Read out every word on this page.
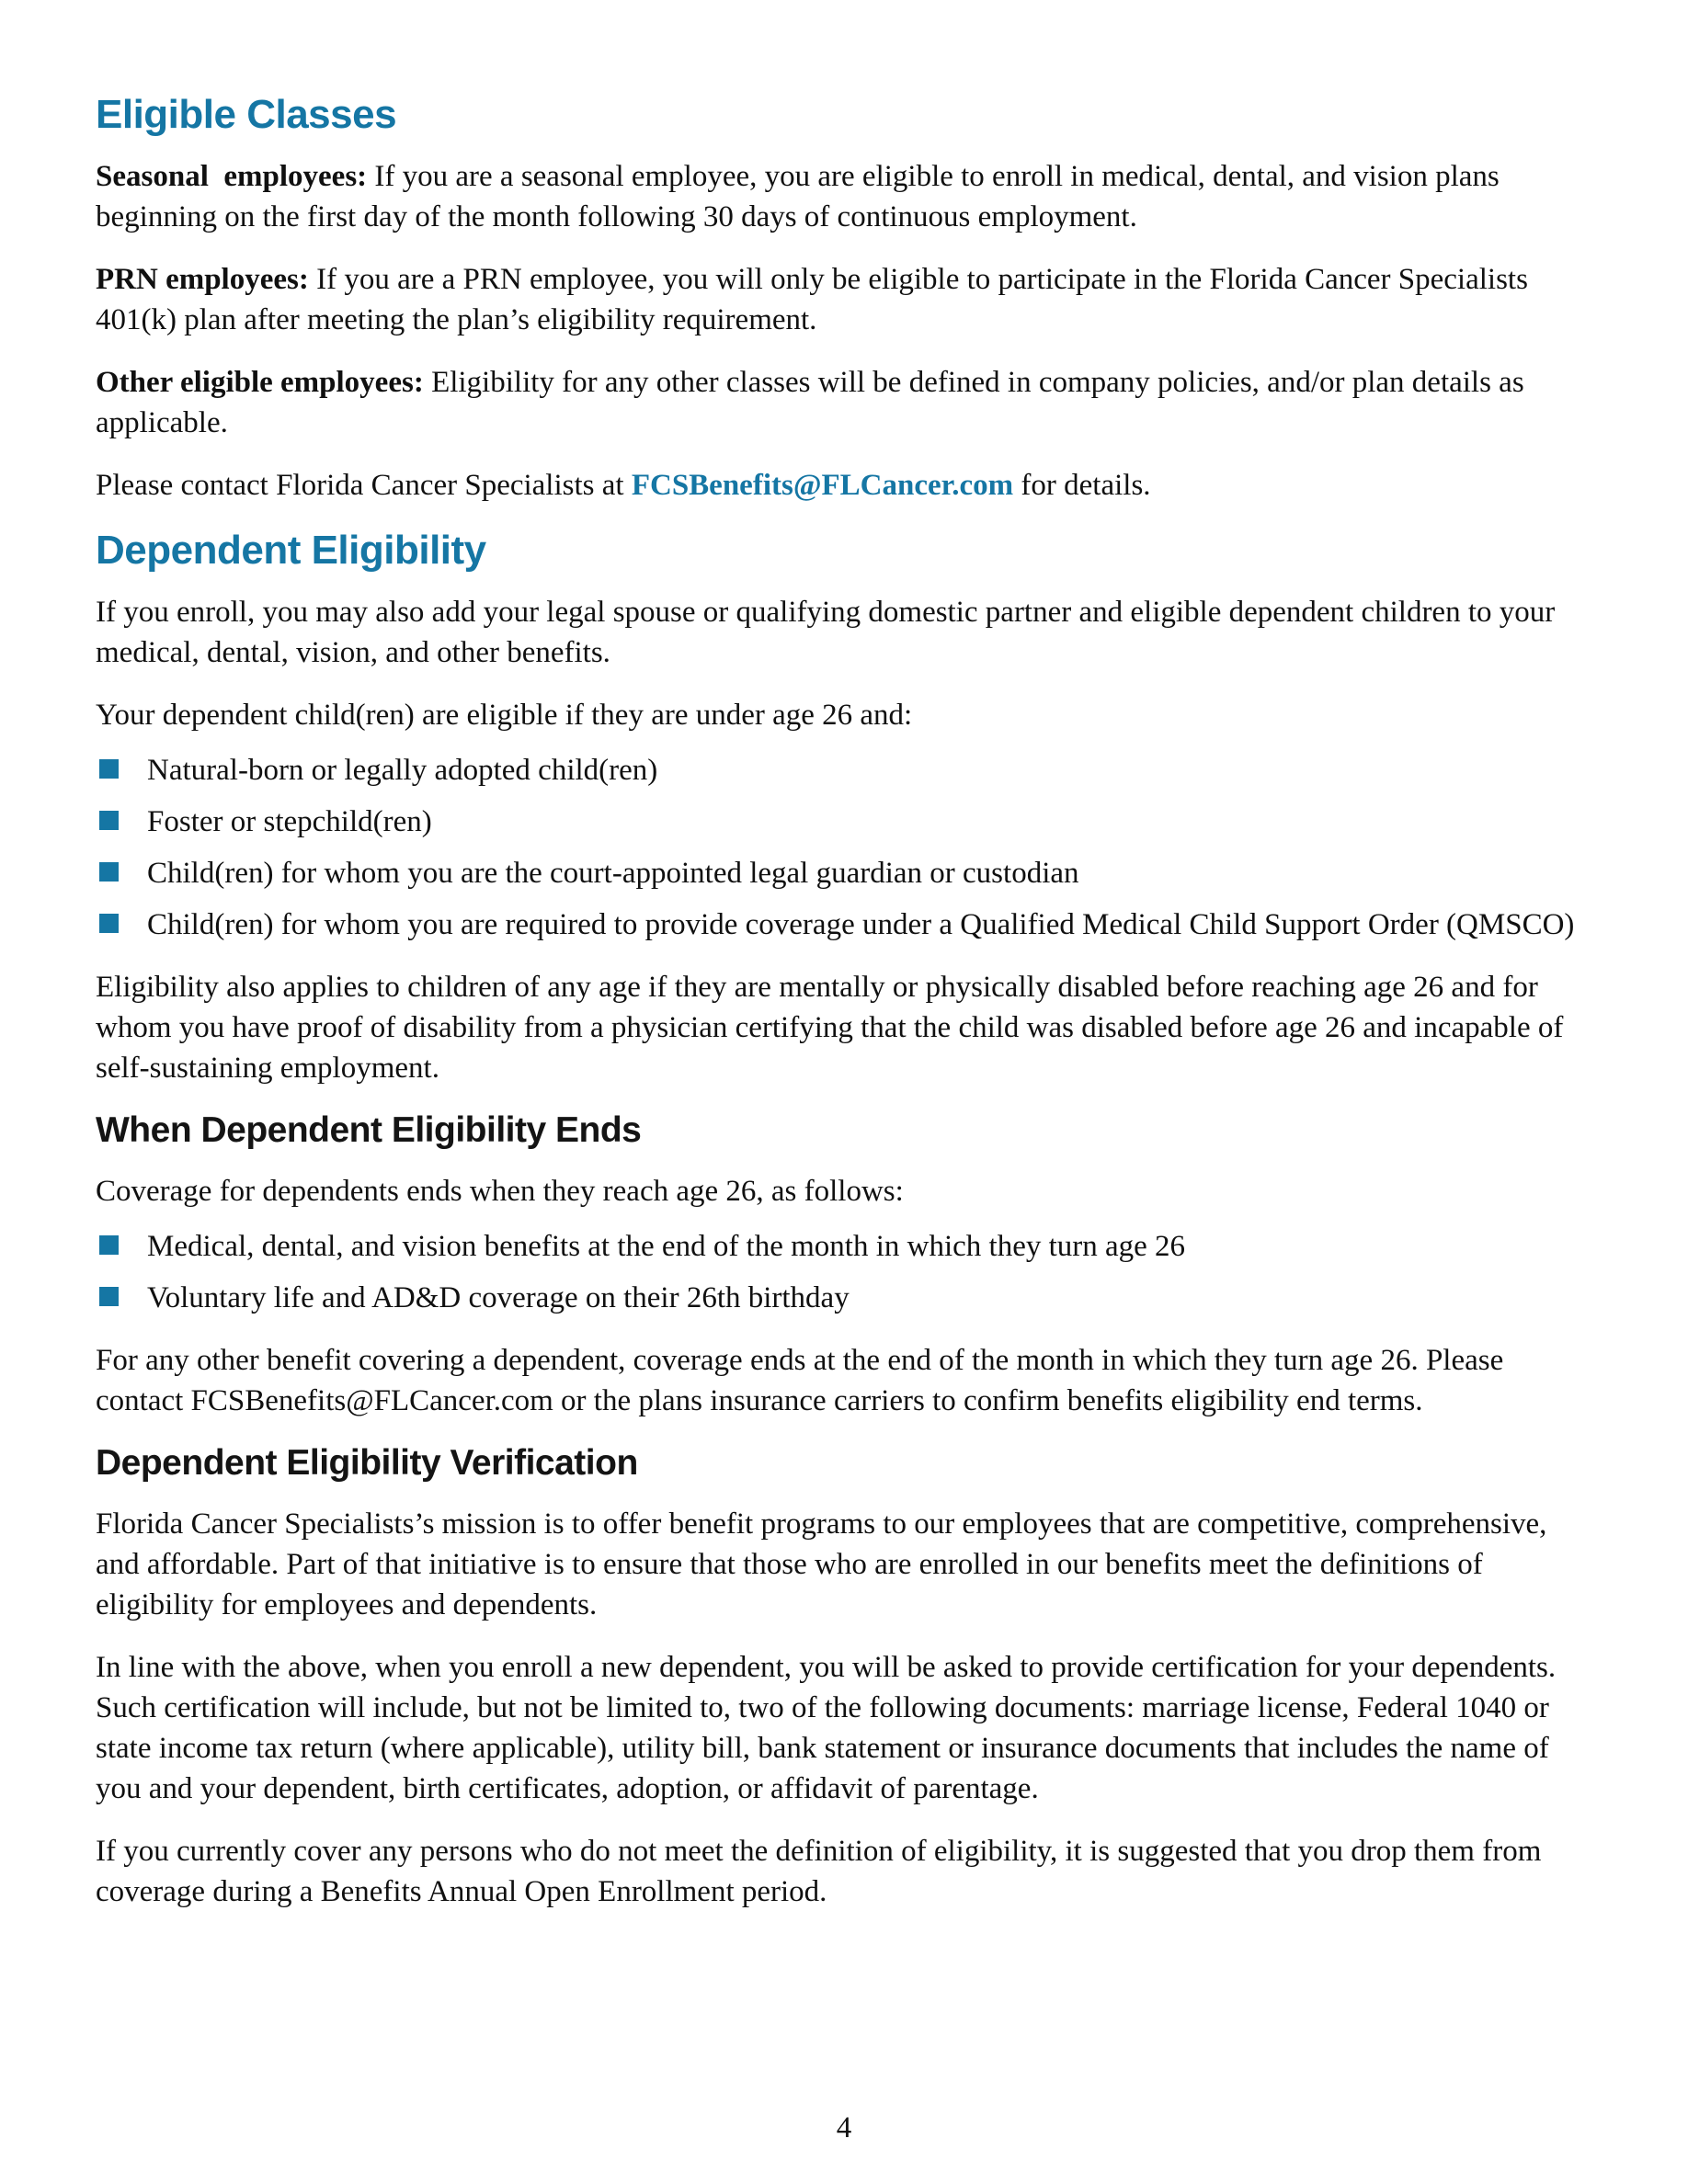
Eligible Classes

Seasonal  employees: If you are a seasonal employee, you are eligible to enroll in medical, dental, and vision plans beginning on the first day of the month following 30 days of continuous employment.

PRN employees: If you are a PRN employee, you will only be eligible to participate in the Florida Cancer Specialists 401(k) plan after meeting the plan’s eligibility requirement.

Other eligible employees: Eligibility for any other classes will be defined in company policies, and/or plan details as applicable.

Please contact Florida Cancer Specialists at FCSBenefits@FLCancer.com for details.

Dependent Eligibility

If you enroll, you may also add your legal spouse or qualifying domestic partner and eligible dependent children to your medical, dental, vision, and other benefits.

Your dependent child(ren) are eligible if they are under age 26 and:

Natural-born or legally adopted child(ren)
Foster or stepchild(ren)
Child(ren) for whom you are the court-appointed legal guardian or custodian
Child(ren) for whom you are required to provide coverage under a Qualified Medical Child Support Order (QMSCO)

Eligibility also applies to children of any age if they are mentally or physically disabled before reaching age 26 and for whom you have proof of disability from a physician certifying that the child was disabled before age 26 and incapable of self-sustaining employment.

When Dependent Eligibility Ends

Coverage for dependents ends when they reach age 26, as follows:

Medical, dental, and vision benefits at the end of the month in which they turn age 26
Voluntary life and AD&D coverage on their 26th birthday

For any other benefit covering a dependent, coverage ends at the end of the month in which they turn age 26. Please contact FCSBenefits@FLCancer.com or the plans insurance carriers to confirm benefits eligibility end terms.

Dependent Eligibility Verification

Florida Cancer Specialists’s mission is to offer benefit programs to our employees that are competitive, comprehensive, and affordable. Part of that initiative is to ensure that those who are enrolled in our benefits meet the definitions of eligibility for employees and dependents.

In line with the above, when you enroll a new dependent, you will be asked to provide certification for your dependents. Such certification will include, but not be limited to, two of the following documents: marriage license, Federal 1040 or state income tax return (where applicable), utility bill, bank statement or insurance documents that includes the name of you and your dependent, birth certificates, adoption, or affidavit of parentage.

If you currently cover any persons who do not meet the definition of eligibility, it is suggested that you drop them from coverage during a Benefits Annual Open Enrollment period.

4
